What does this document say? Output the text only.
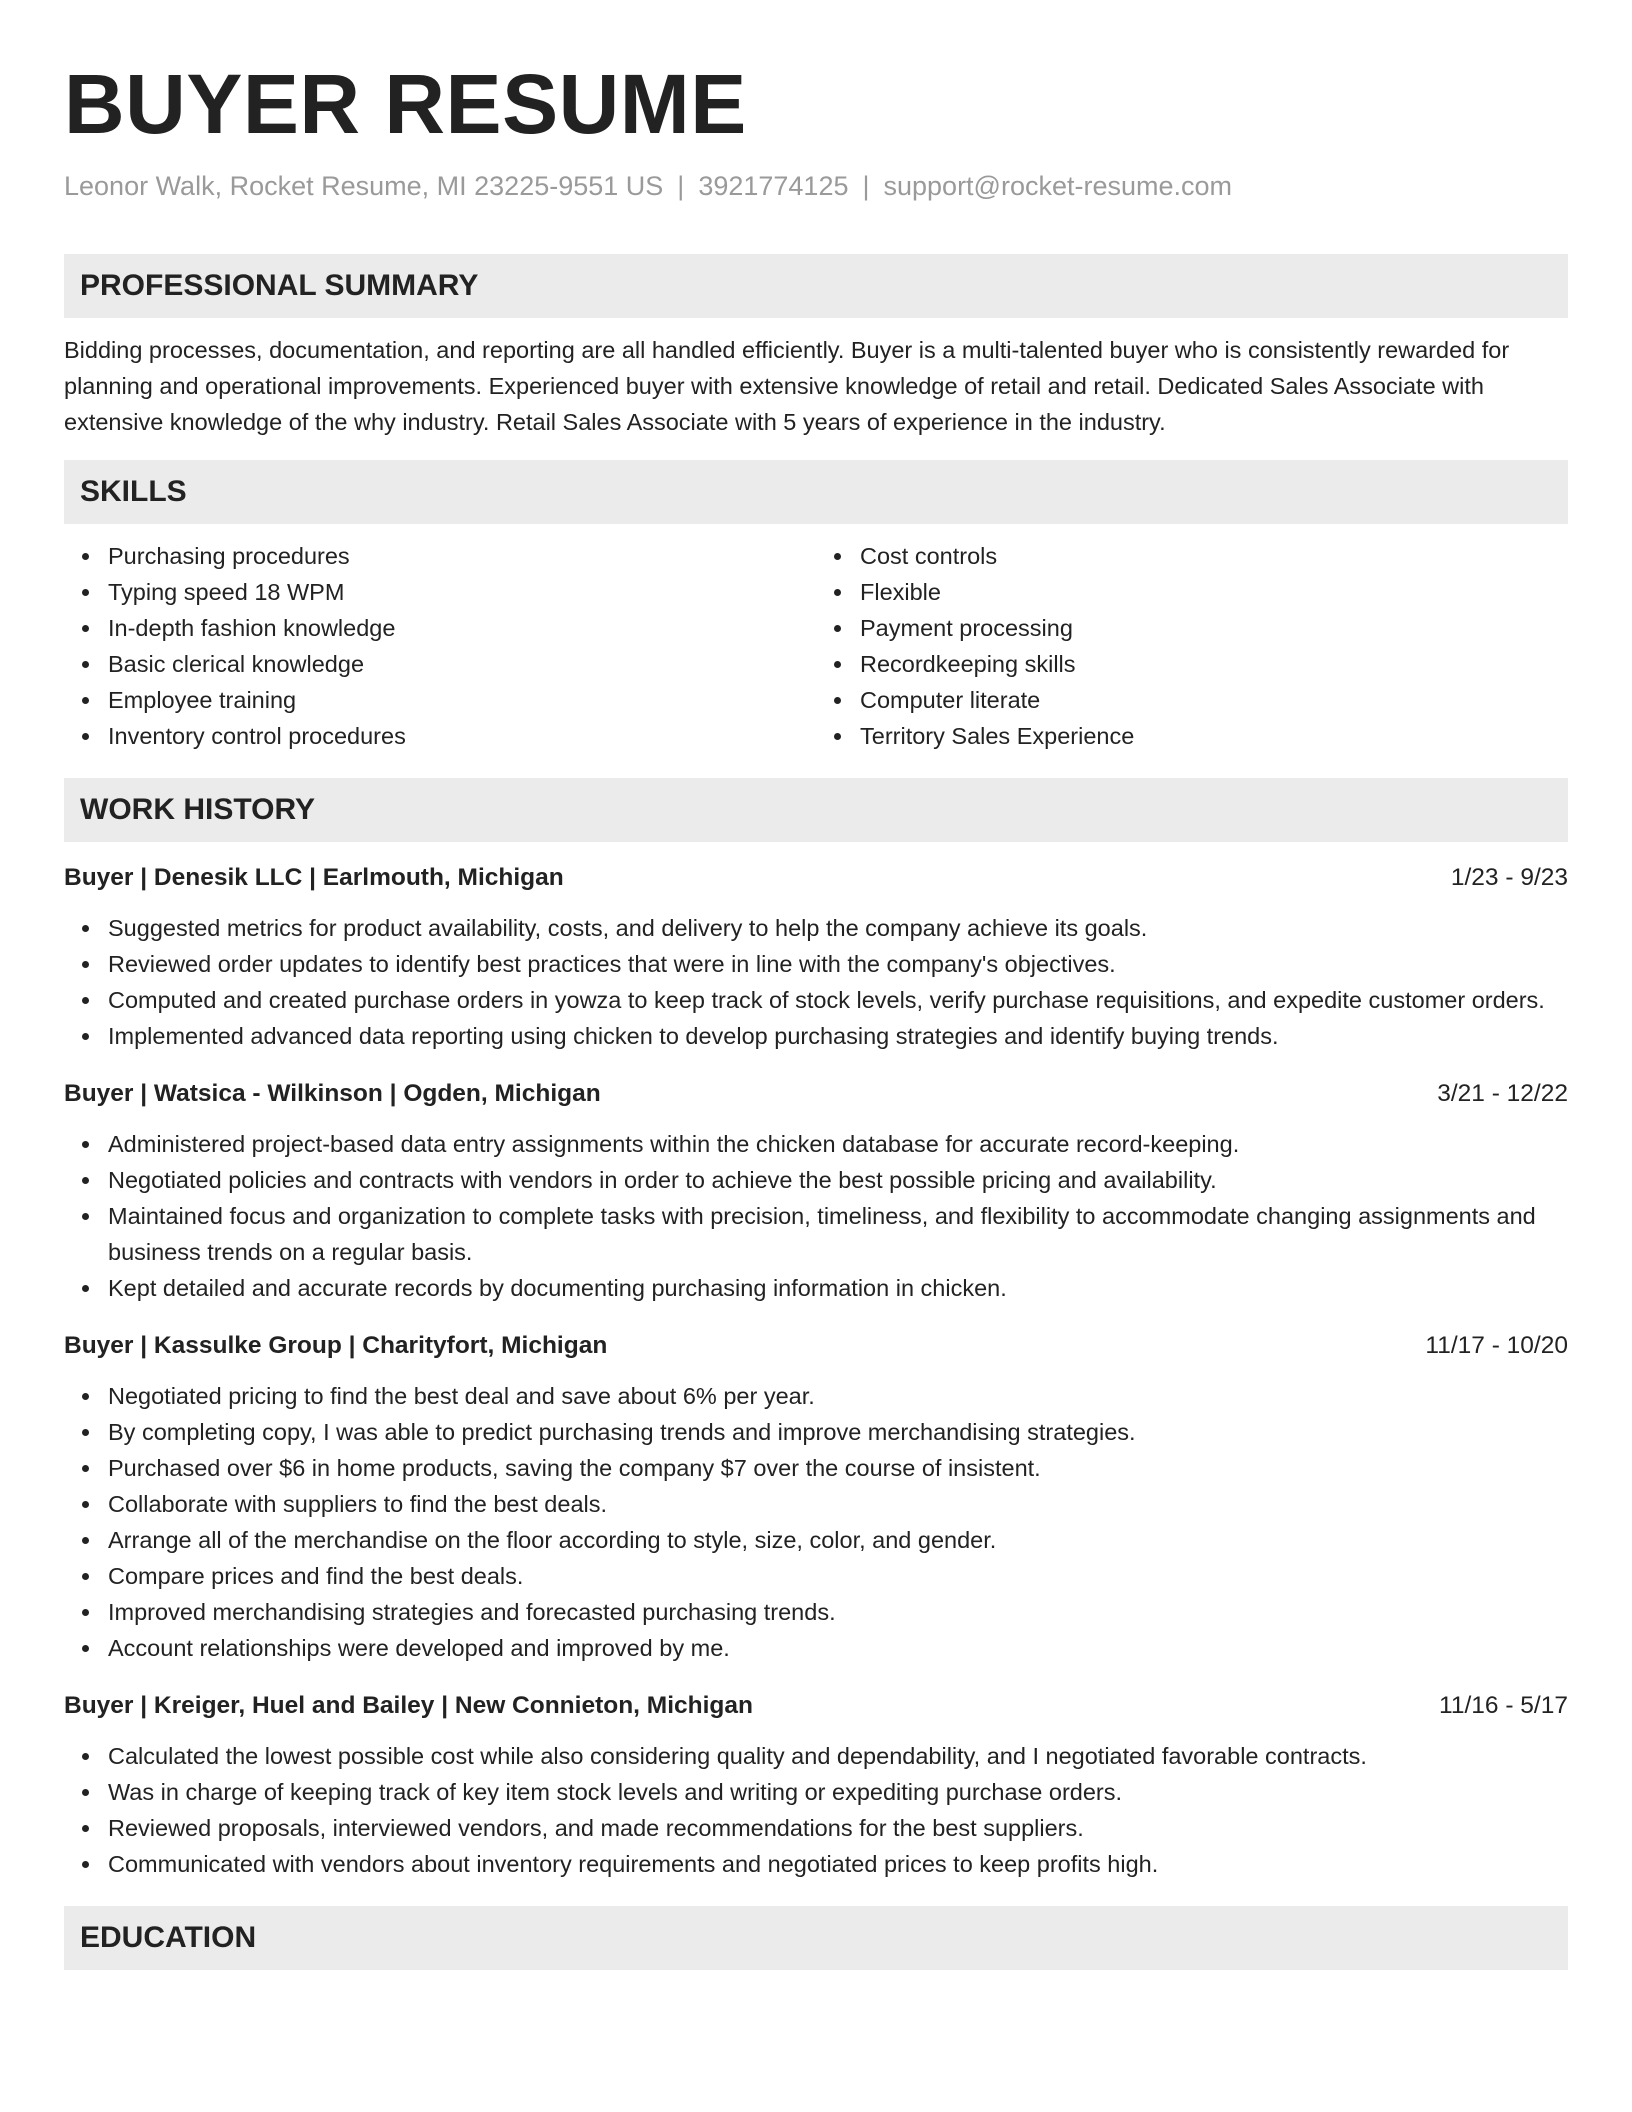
BUYER RESUME
Leonor Walk, Rocket Resume, MI 23225-9551 US | 3921774125 | support@rocket-resume.com
PROFESSIONAL SUMMARY
Bidding processes, documentation, and reporting are all handled efficiently. Buyer is a multi-talented buyer who is consistently rewarded for planning and operational improvements. Experienced buyer with extensive knowledge of retail and retail. Dedicated Sales Associate with extensive knowledge of the why industry. Retail Sales Associate with 5 years of experience in the industry.
SKILLS
Purchasing procedures
Typing speed 18 WPM
In-depth fashion knowledge
Basic clerical knowledge
Employee training
Inventory control procedures
Cost controls
Flexible
Payment processing
Recordkeeping skills
Computer literate
Territory Sales Experience
WORK HISTORY
Buyer | Denesik LLC | Earlmouth, Michigan	1/23 - 9/23
Suggested metrics for product availability, costs, and delivery to help the company achieve its goals.
Reviewed order updates to identify best practices that were in line with the company's objectives.
Computed and created purchase orders in yowza to keep track of stock levels, verify purchase requisitions, and expedite customer orders.
Implemented advanced data reporting using chicken to develop purchasing strategies and identify buying trends.
Buyer | Watsica - Wilkinson | Ogden, Michigan	3/21 - 12/22
Administered project-based data entry assignments within the chicken database for accurate record-keeping.
Negotiated policies and contracts with vendors in order to achieve the best possible pricing and availability.
Maintained focus and organization to complete tasks with precision, timeliness, and flexibility to accommodate changing assignments and business trends on a regular basis.
Kept detailed and accurate records by documenting purchasing information in chicken.
Buyer | Kassulke Group | Charityfort, Michigan	11/17 - 10/20
Negotiated pricing to find the best deal and save about 6% per year.
By completing copy, I was able to predict purchasing trends and improve merchandising strategies.
Purchased over $6 in home products, saving the company $7 over the course of insistent.
Collaborate with suppliers to find the best deals.
Arrange all of the merchandise on the floor according to style, size, color, and gender.
Compare prices and find the best deals.
Improved merchandising strategies and forecasted purchasing trends.
Account relationships were developed and improved by me.
Buyer | Kreiger, Huel and Bailey | New Connieton, Michigan	11/16 - 5/17
Calculated the lowest possible cost while also considering quality and dependability, and I negotiated favorable contracts.
Was in charge of keeping track of key item stock levels and writing or expediting purchase orders.
Reviewed proposals, interviewed vendors, and made recommendations for the best suppliers.
Communicated with vendors about inventory requirements and negotiated prices to keep profits high.
EDUCATION
